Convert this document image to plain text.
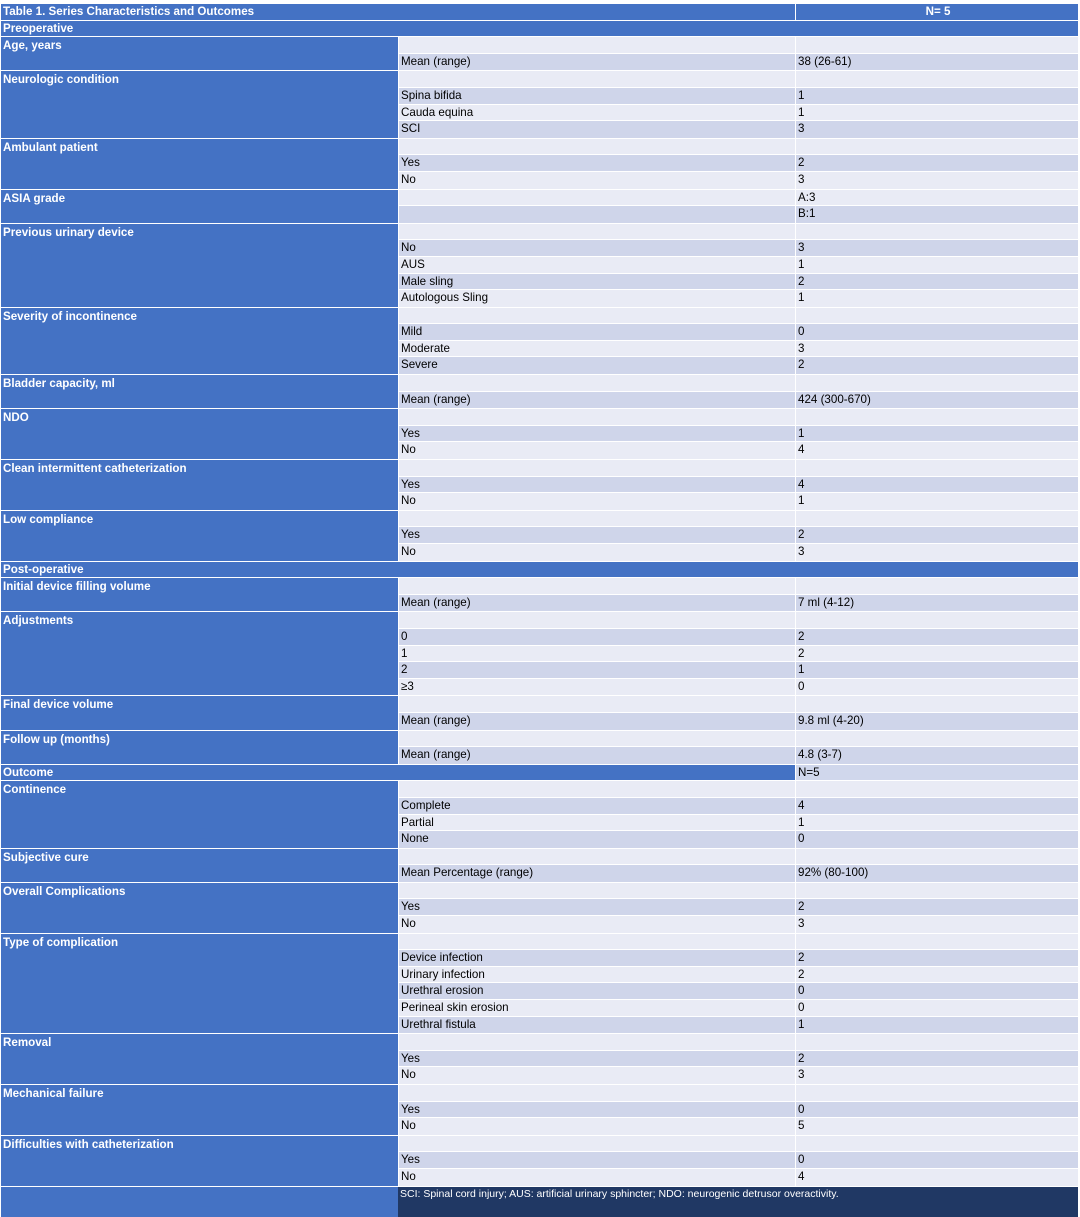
Table 1. Series Characteristics and Outcomes	N= 5
Preoperative
Age, years
Mean (range)	38 (26-61)
Neurologic condition
Spina bifida	1
Cauda equina	1
SCI	3
Ambulant patient
Yes	2
No	3
ASIA grade	A:3
B:1
Previous urinary device
No	3
AUS	1
Male sling	2
Autologous Sling	1
Severity of incontinence
Mild	0
Moderate	3
Severe	2
Bladder capacity, ml
Mean (range)	424 (300-670)
NDO
Yes	1
No	4
Clean intermittent catheterization
Yes	4
No	1
Low compliance
Yes	2
No	3
Post-operative
Initial device filling volume
Mean (range)	7 ml (4-12)
Adjustments
0	2
1	2
2	1
≥3	0
Final device volume
Mean (range)	9.8 ml (4-20)
Follow up (months)
Mean (range)	4.8 (3-7)
Outcome	N=5
Continence
Complete	4
Partial	1
None	0
Subjective cure
Mean Percentage (range)	92% (80-100)
Overall Complications
Yes	2
No	3
Type of complication
Device infection	2
Urinary infection	2
Urethral erosion	0
Perineal skin erosion	0
Urethral fistula	1
Removal
Yes	2
No	3
Mechanical failure
Yes	0
No	5
Difficulties with catheterization
Yes	0
No	4
SCI: Spinal cord injury; AUS: artificial urinary sphincter; NDO: neurogenic detrusor overactivity.
